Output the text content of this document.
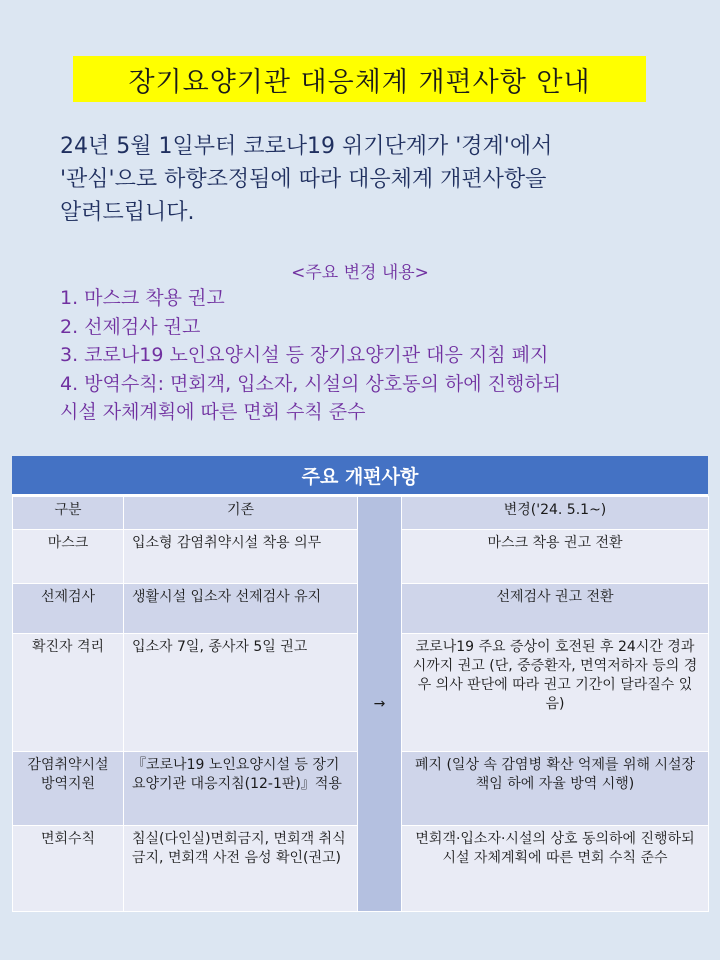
장기요양기관 대응체계 개편사항 안내
24년 5월 1일부터 코로나19 위기단계가 '경계'에서
'관심'으로 하향조정됨에 따라 대응체계 개편사항을
알려드립니다.
<주요 변경 내용>
1. 마스크 착용 권고
2. 선제검사 권고
3. 코로나19 노인요양시설 등 장기요양기관 대응 지침 폐지
4. 방역수칙: 면회객, 입소자, 시설의 상호동의 하에 진행하되
시설 자체계획에 따른 면회 수칙 준수
주요 개편사항
구분	기존	→	변경('24. 5.1~)
마스크	입소형 감염취약시설 착용 의무		마스크 착용 권고 전환
선제검사	생활시설 입소자 선제검사 유지		선제검사 권고 전환
확진자 격리	입소자 7일, 종사자 5일 권고		코로나19 주요 증상이 호전된 후 24시간 경과 시까지 권고 (단, 중증환자, 면역저하자 등의 경우 의사 판단에 따라 권고 기간이 달라질수 있음)
감염취약시설 방역지원	『코로나19 노인요양시설 등 장기요양기관 대응지침(12-1판)』적용		폐지 (일상 속 감염병 확산 억제를 위해 시설장 책임 하에 자율 방역 시행)
면회수칙	침실(다인실)면회금지, 면회객 취식금지, 면회객 사전 음성 확인(권고)		면회객·입소자·시설의 상호 동의하에 진행하되 시설 자체계획에 따른 면회 수칙 준수
